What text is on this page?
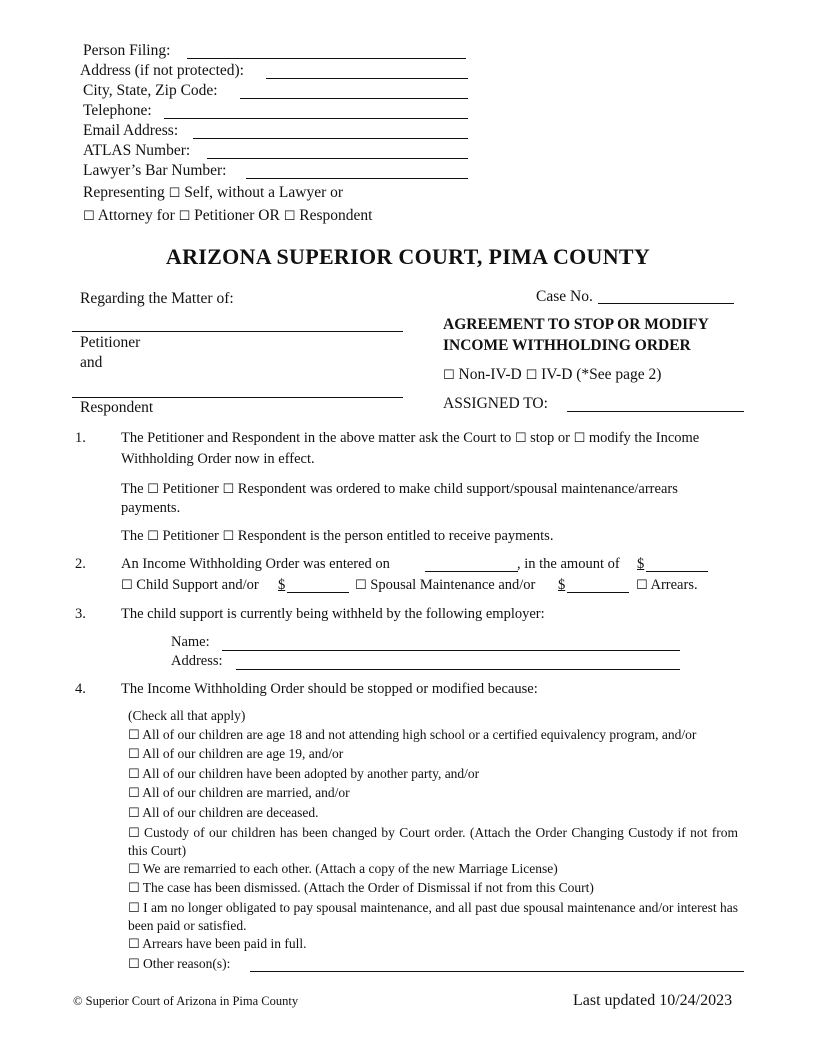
Person Filing:
Address (if not protected):
City, State, Zip Code:
Telephone:
Email Address:
ATLAS Number:
Lawyer’s Bar Number:
Representing ☐ Self, without a Lawyer or
☐ Attorney for ☐ Petitioner OR ☐ Respondent
ARIZONA SUPERIOR COURT, PIMA COUNTY
Regarding the Matter of:
Petitioner
and
Respondent
Case No.
AGREEMENT TO STOP OR MODIFY
INCOME WITHHOLDING ORDER
☐ Non-IV-D ☐ IV-D (*See page 2)
ASSIGNED TO:
1. The Petitioner and Respondent in the above matter ask the Court to ☐ stop or ☐ modify the Income
Withholding Order now in effect.
The ☐ Petitioner ☐ Respondent was ordered to make child support/spousal maintenance/arrears
payments.
The ☐ Petitioner ☐ Respondent is the person entitled to receive payments.
2. An Income Withholding Order was entered on	, in the amount of $
☐ Child Support and/or $	☐ Spousal Maintenance and/or $	☐ Arrears.
3. The child support is currently being withheld by the following employer:
Name:
Address:
4. The Income Withholding Order should be stopped or modified because:
(Check all that apply)
☐ All of our children are age 18 and not attending high school or a certified equivalency program, and/or
☐ All of our children are age 19, and/or
☐ All of our children have been adopted by another party, and/or
☐ All of our children are married, and/or
☐ All of our children are deceased.
☐ Custody of our children has been changed by Court order. (Attach the Order Changing Custody if not from this Court)
☐ We are remarried to each other. (Attach a copy of the new Marriage License)
☐ The case has been dismissed. (Attach the Order of Dismissal if not from this Court)
☐ I am no longer obligated to pay spousal maintenance, and all past due spousal maintenance and/or interest has been paid or satisfied.
☐ Arrears have been paid in full.
☐ Other reason(s):
© Superior Court of Arizona in Pima County	Last updated 10/24/2023
